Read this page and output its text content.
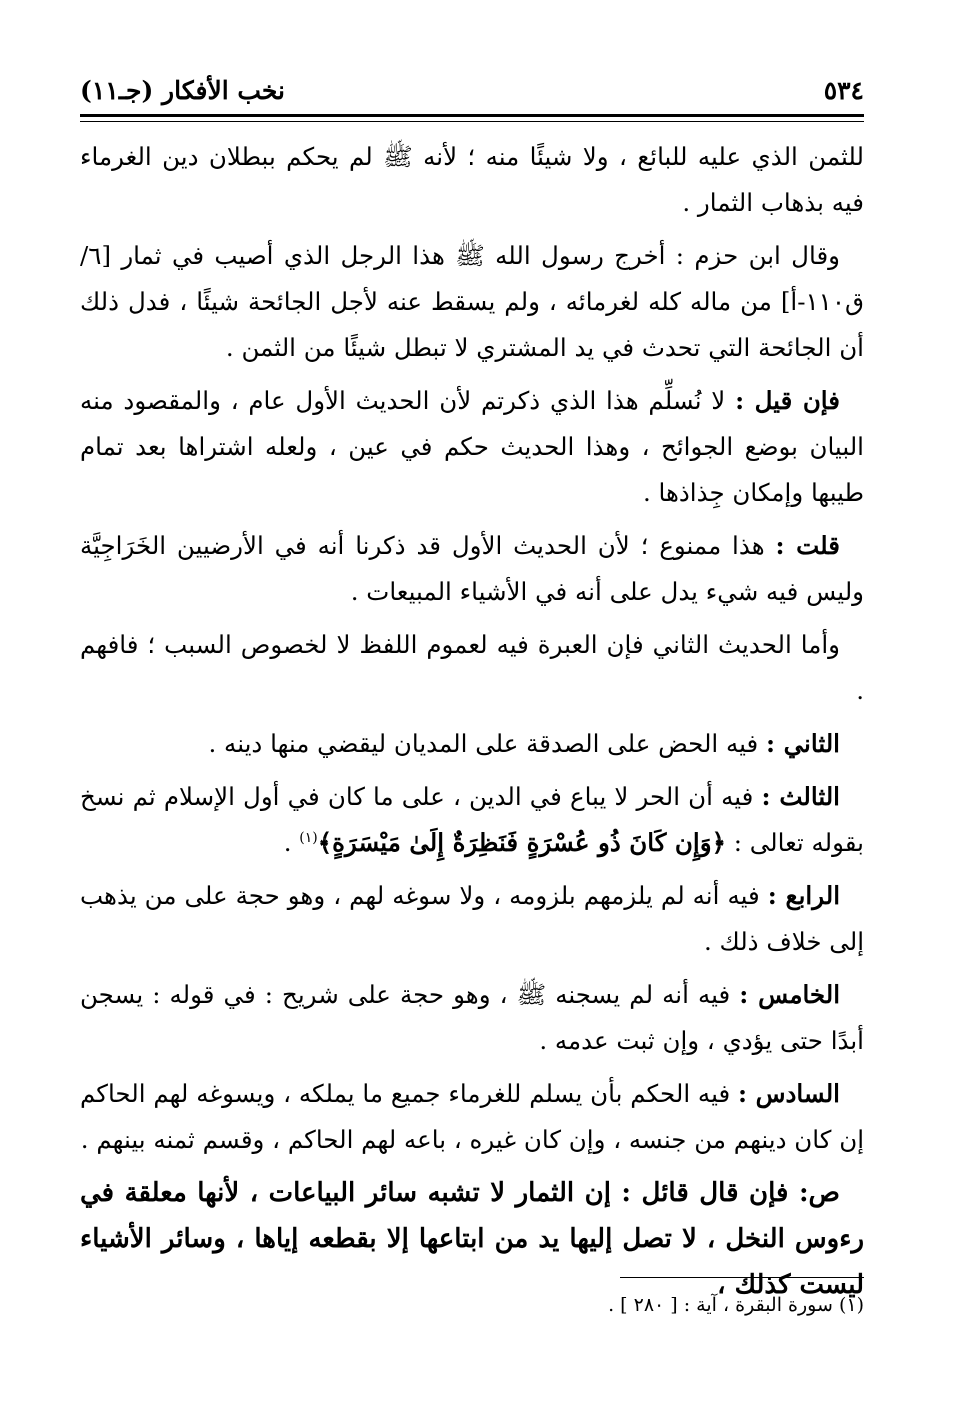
٥٣٤
نخب الأفكار (جـ١١)

للثمن الذي عليه للبائع ، ولا شيئًا منه ؛ لأنه ﷺ لم يحكم ببطلان دين الغرماء فيه بذهاب الثمار .

وقال ابن حزم : أخرج رسول الله ﷺ هذا الرجل الذي أصيب في ثمار [٦/ ق١١٠-أ] من ماله كله لغرمائه ، ولم يسقط عنه لأجل الجائحة شيئًا ، فدل ذلك أن الجائحة التي تحدث في يد المشتري لا تبطل شيئًا من الثمن .

فإن قيل : لا نُسلِّم هذا الذي ذكرتم لأن الحديث الأول عام ، والمقصود منه البيان بوضع الجوائح ، وهذا الحديث حكم في عين ، ولعله اشتراها بعد تمام طيبها وإمكان جِذاذها .

قلت : هذا ممنوع ؛ لأن الحديث الأول قد ذكرنا أنه في الأرضيين الخَرَاجِيَّة وليس فيه شيء يدل على أنه في الأشياء المبيعات .

وأما الحديث الثاني فإن العبرة فيه لعموم اللفظ لا لخصوص السبب ؛ فافهم .

الثاني : فيه الحض على الصدقة على المديان ليقضي منها دينه .

الثالث : فيه أن الحر لا يباع في الدين ، على ما كان في أول الإسلام ثم نسخ بقوله تعالى : ﴿وَإِن كَانَ ذُو عُسْرَةٍ فَنَظِرَةٌ إِلَىٰ مَيْسَرَةٍ﴾$^{(١)}$ .

الرابع : فيه أنه لم يلزمهم بلزومه ، ولا سوغه لهم ، وهو حجة على من يذهب إلى خلاف ذلك .

الخامس : فيه أنه لم يسجنه ﷺ ، وهو حجة على شريح : في قوله : يسجن أبدًا حتى يؤدي ، وإن ثبت عدمه .

السادس : فيه الحكم بأن يسلم للغرماء جميع ما يملكه ، ويسوغه لهم الحاكم إن كان دينهم من جنسه ، وإن كان غيره ، باعه لهم الحاكم ، وقسم ثمنه بينهم .

ص: فإن قال قائل : إن الثمار لا تشبه سائر البياعات ، لأنها معلقة في رءوس النخل ، لا تصل إليها يد من ابتاعها إلا بقطعه إياها ، وسائر الأشياء ليست كذلك ،

(١) سورة البقرة ، آية : [ ٢٨٠ ] .
